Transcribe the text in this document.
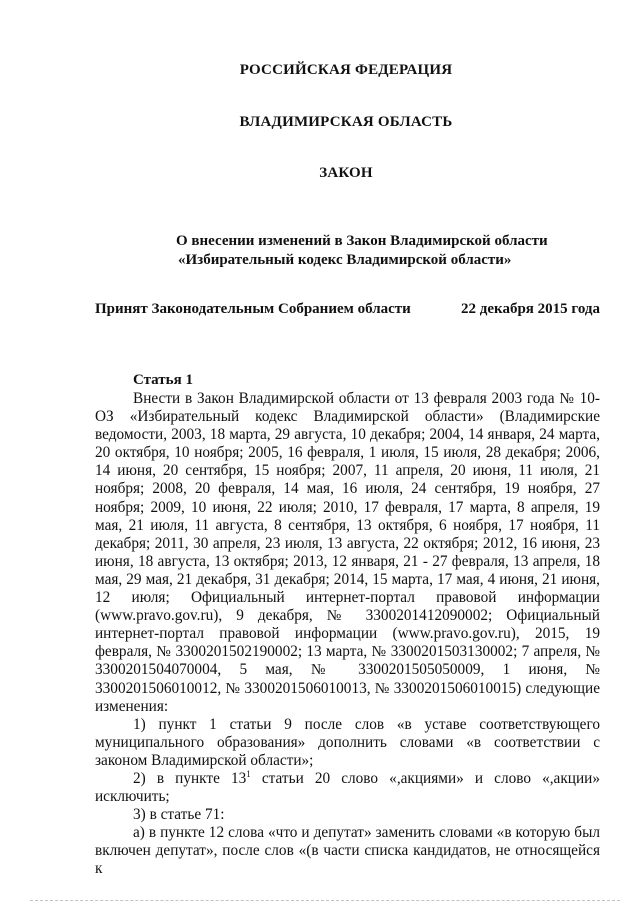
РОССИЙСКАЯ ФЕДЕРАЦИЯ
ВЛАДИМИРСКАЯ ОБЛАСТЬ
ЗАКОН
О внесении изменений в Закон Владимирской области
«Избирательный кодекс Владимирской области»
Принят Законодательным Собранием области	22 декабря 2015 года
Статья 1

Внести в Закон Владимирской области от 13 февраля 2003 года № 10-ОЗ «Избирательный кодекс Владимирской области» (Владимирские ведомости, 2003, 18 марта, 29 августа, 10 декабря; 2004, 14 января, 24 марта, 20 октября, 10 ноября; 2005, 16 февраля, 1 июля, 15 июля, 28 декабря; 2006, 14 июня, 20 сентября, 15 ноября; 2007, 11 апреля, 20 июня, 11 июля, 21 ноября; 2008, 20 февраля, 14 мая, 16 июля, 24 сентября, 19 ноября, 27 ноября; 2009, 10 июня, 22 июля; 2010, 17 февраля, 17 марта, 8 апреля, 19 мая, 21 июля, 11 августа, 8 сентября, 13 октября, 6 ноября, 17 ноября, 11 декабря; 2011, 30 апреля, 23 июля, 13 августа, 22 октября; 2012, 16 июня, 23 июня, 18 августа, 13 октября; 2013, 12 января, 21 - 27 февраля, 13 апреля, 18 мая, 29 мая, 21 декабря, 31 декабря; 2014, 15 марта, 17 мая, 4 июня, 21 июня, 12 июля; Официальный интернет-портал правовой информации (www.pravo.gov.ru), 9 декабря, № 3300201412090002; Официальный интернет-портал правовой информации (www.pravo.gov.ru), 2015, 19 февраля, № 3300201502190002; 13 марта, № 3300201503130002; 7 апреля, № 3300201504070004, 5 мая, № 3300201505050009, 1 июня, № 3300201506010012, № 3300201506010013, № 3300201506010015) следующие изменения:

1) пункт 1 статьи 9 после слов «в уставе соответствующего муниципального образования» дополнить словами «в соответствии с законом Владимирской области»;

2) в пункте $13^1$ статьи 20 слово «,акциями» и слово «,акции» исключить;

3) в статье 71:

а) в пункте 12 слова «что и депутат» заменить словами «в которую был включен депутат», после слов «(в части списка кандидатов, не относящейся к
